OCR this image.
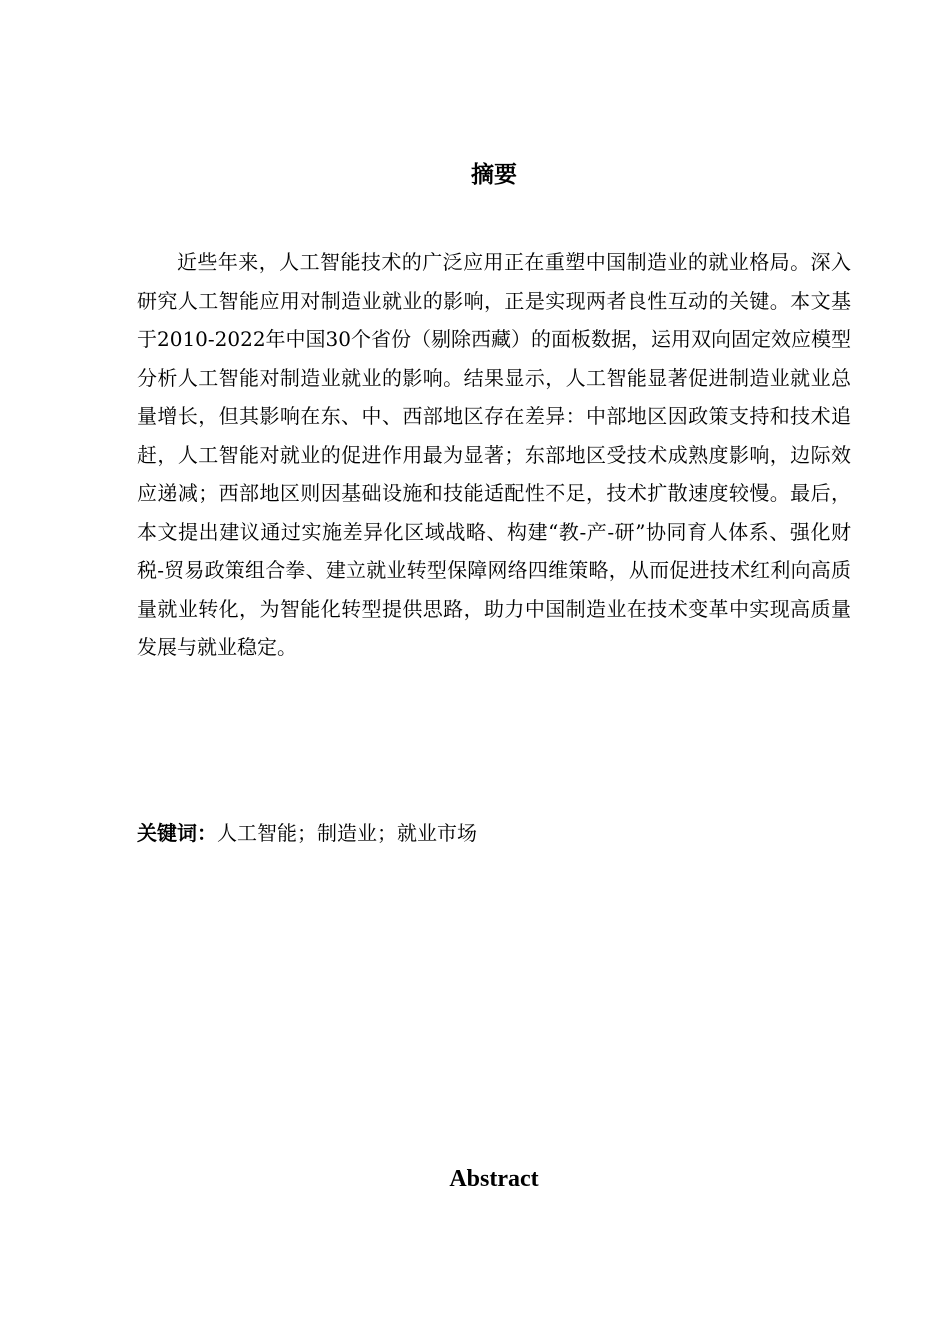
摘要

近些年来，人工智能技术的广泛应用正在重塑中国制造业的就业格局。深入研究人工智能应用对制造业就业的影响，正是实现两者良性互动的关键。本文基于2010-2022年中国30个省份（剔除西藏）的面板数据，运用双向固定效应模型分析人工智能对制造业就业的影响。结果显示，人工智能显著促进制造业就业总量增长，但其影响在东、中、西部地区存在差异：中部地区因政策支持和技术追赶，人工智能对就业的促进作用最为显著；东部地区受技术成熟度影响，边际效应递减；西部地区则因基础设施和技能适配性不足，技术扩散速度较慢。最后，本文提出建议通过实施差异化区域战略、构建“教-产-研”协同育人体系、强化财税-贸易政策组合拳、建立就业转型保障网络四维策略，从而促进技术红利向高质量就业转化，为智能化转型提供思路，助力中国制造业在技术变革中实现高质量发展与就业稳定。

关键词：人工智能；制造业；就业市场
Abstract
